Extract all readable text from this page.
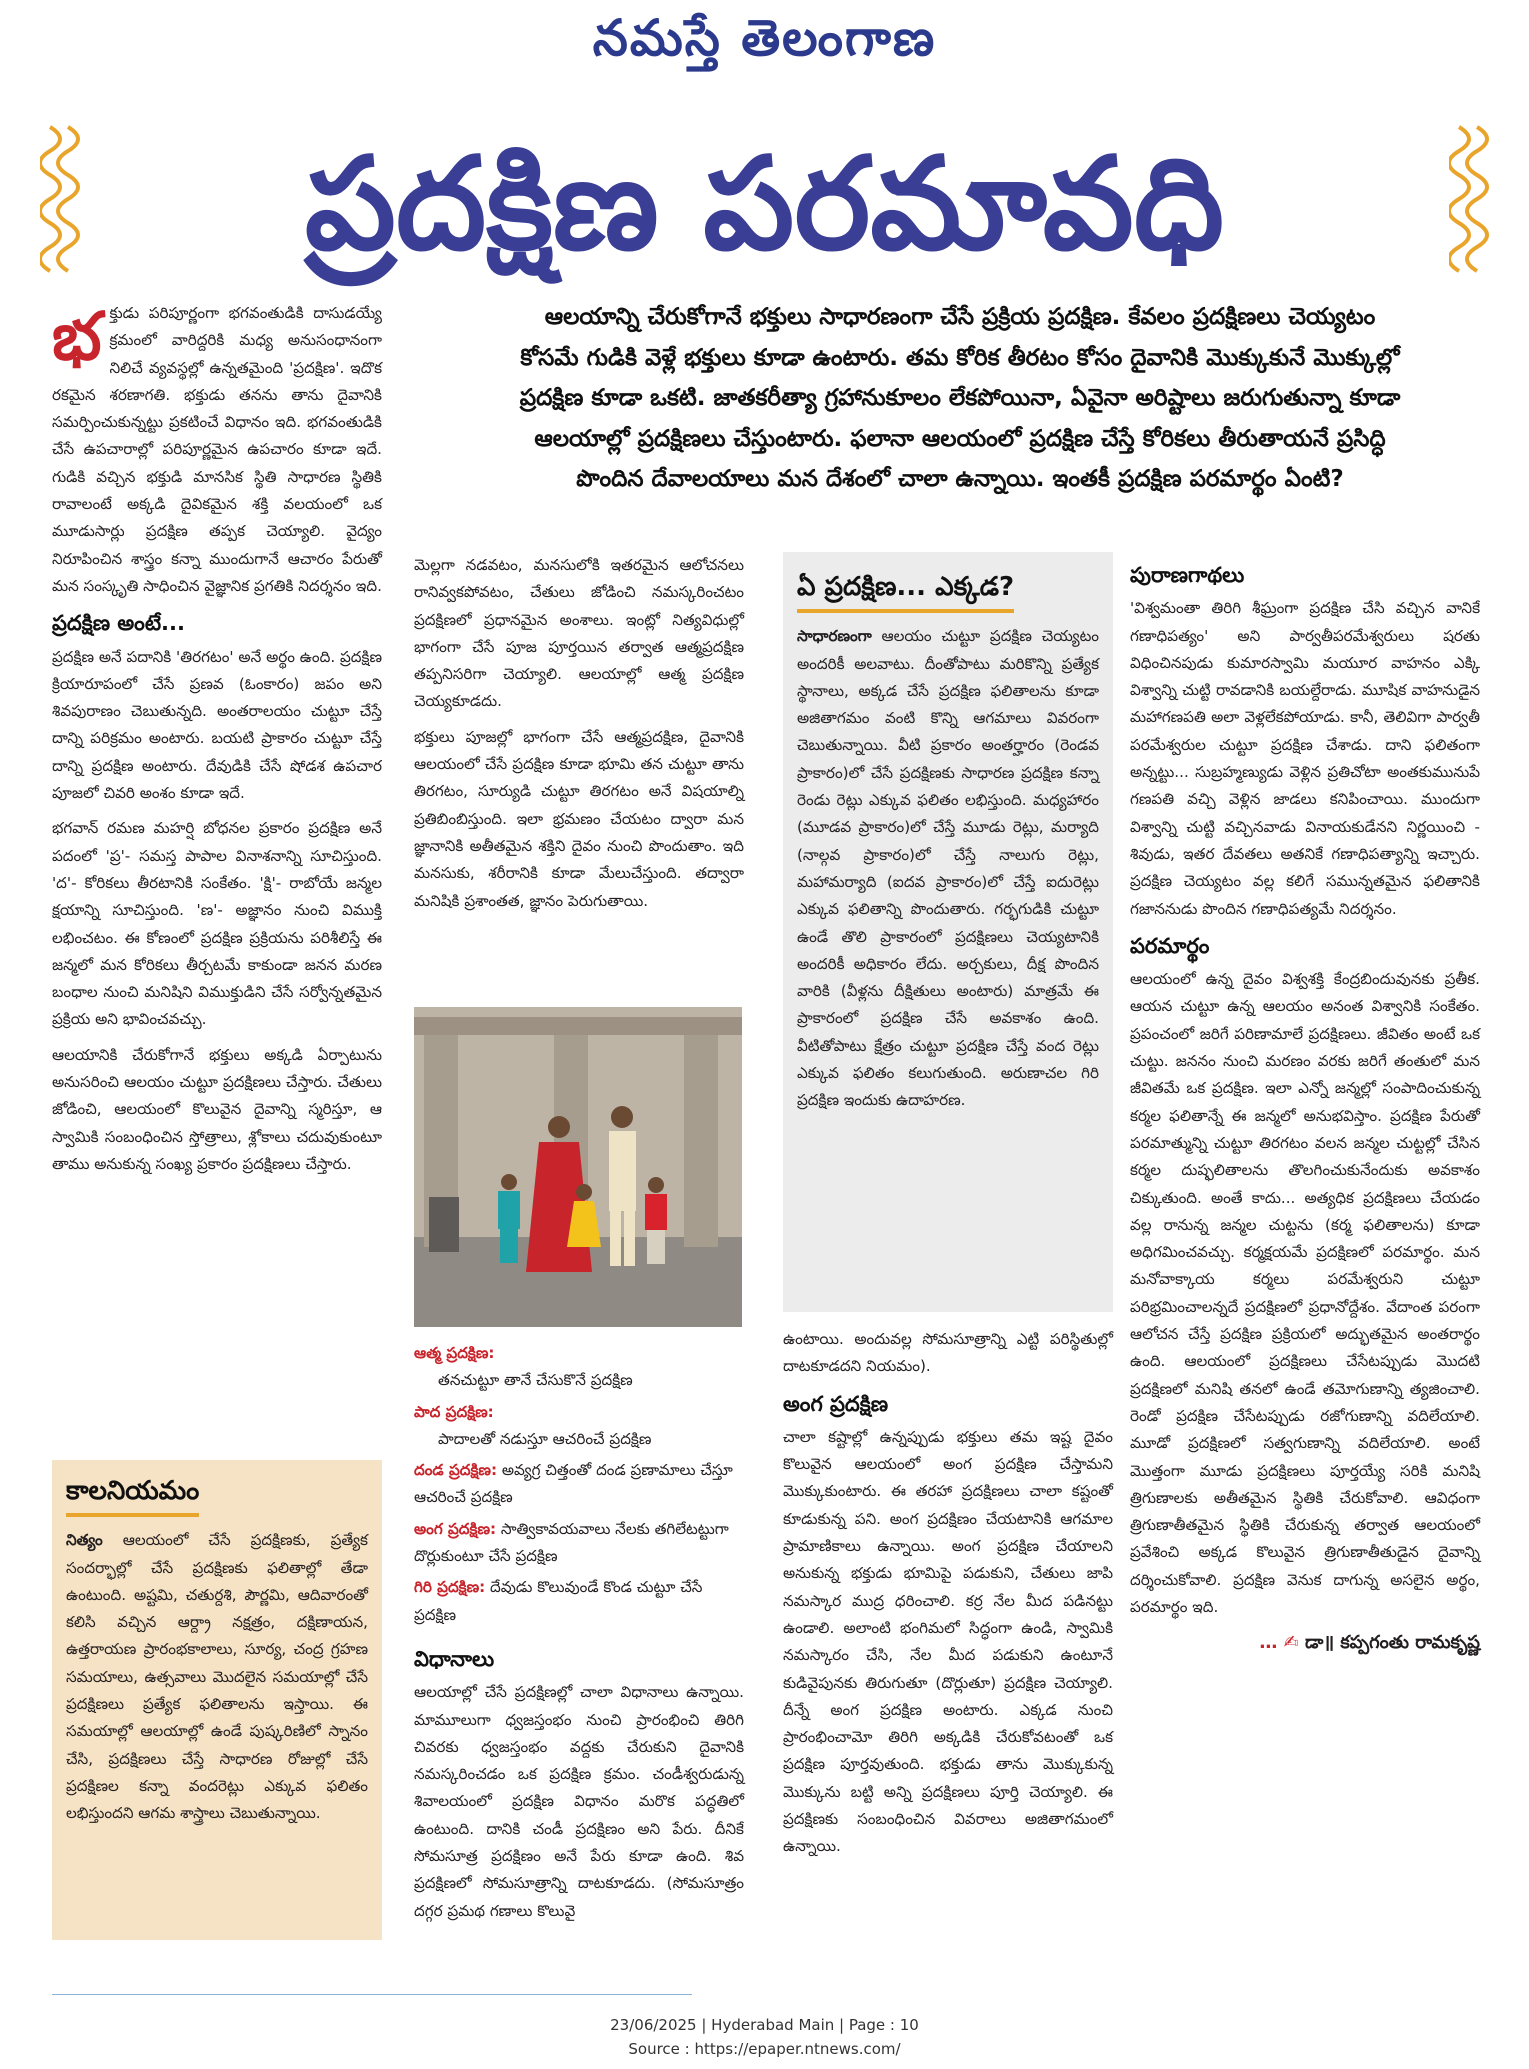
నమస్తే తెలంగాణ
ప్రదక్షిణ పరమావధి

ఆలయాన్ని చేరుకోగానే భక్తులు సాధారణంగా చేసే ప్రక్రియ ప్రదక్షిణ. కేవలం ప్రదక్షిణలు చెయ్యటం

కోసమే గుడికి వెళ్లే భక్తులు కూడా ఉంటారు. తమ కోరిక తీరటం కోసం దైవానికి మొక్కుకునే మొక్కుల్లో

ప్రదక్షిణ కూడా ఒకటి. జాతకరీత్యా గ్రహానుకూలం లేకపోయినా, ఏవైనా అరిష్టాలు జరుగుతున్నా కూడా

ఆలయాల్లో ప్రదక్షిణలు చేస్తుంటారు. ఫలానా ఆలయంలో ప్రదక్షిణ చేస్తే కోరికలు తీరుతాయనే ప్రసిద్ధి

పొందిన దేవాలయాలు మన దేశంలో చాలా ఉన్నాయి. ఇంతకీ ప్రదక్షిణ పరమార్థం ఏంటి?

భక్తుడు పరిపూర్ణంగా భగవంతుడికి దాసుడయ్యే క్రమంలో వారిద్దరికి మధ్య అనుసంధానంగా నిలిచే వ్యవస్థల్లో ఉన్నతమైంది 'ప్రదక్షిణ'. ఇదొక రకమైన శరణాగతి. భక్తుడు తనను తాను దైవానికి సమర్పించుకున్నట్టు ప్రకటించే విధానం ఇది. భగవంతుడికి చేసే ఉపచారాల్లో పరిపూర్ణమైన ఉపచారం కూడా ఇదే. గుడికి వచ్చిన భక్తుడి మానసిక స్థితి సాధారణ స్థితికి రావాలంటే అక్కడి దైవికమైన శక్తి వలయంలో ఒక మూడుసార్లు ప్రదక్షిణ తప్పక చెయ్యాలి. వైద్యం నిరూపించిన శాస్త్రం కన్నా ముందుగానే ఆచారం పేరుతో మన సంస్కృతి సాధించిన వైజ్ఞానిక ప్రగతికి నిదర్శనం ఇది.

ప్రదక్షిణ అంటే...

ప్రదక్షిణ అనే పదానికి 'తిరగటం' అనే అర్థం ఉంది. ప్రదక్షిణ క్రియారూపంలో చేసే ప్రణవ (ఓంకారం) జపం అని శివపురాణం చెబుతున్నది. అంతరాలయం చుట్టూ చేస్తే దాన్ని పరిక్రమం అంటారు. బయటి ప్రాకారం చుట్టూ చేస్తే దాన్ని ప్రదక్షిణ అంటారు. దేవుడికి చేసే షోడశ ఉపచార పూజలో చివరి అంశం కూడా ఇదే.

భగవాన్ రమణ మహర్షి బోధనల ప్రకారం ప్రదక్షిణ అనే పదంలో 'ప్ర'- సమస్త పాపాల వినాశనాన్ని సూచిస్తుంది. 'ద'- కోరికలు తీరటానికి సంకేతం. 'క్షి'- రాబోయే జన్మల క్షయాన్ని సూచిస్తుంది. 'ణ'- అజ్ఞానం నుంచి విముక్తి లభించటం. ఈ కోణంలో ప్రదక్షిణ ప్రక్రియను పరిశీలిస్తే ఈ జన్మలో మన కోరికలు తీర్చటమే కాకుండా జనన మరణ బంధాల నుంచి మనిషిని విముక్తుడిని చేసే సర్వోన్నతమైన ప్రక్రియ అని భావించవచ్చు.

ఆలయానికి చేరుకోగానే భక్తులు అక్కడి ఏర్పాటును అనుసరించి ఆలయం చుట్టూ ప్రదక్షిణలు చేస్తారు. చేతులు జోడించి, ఆలయంలో కొలువైన దైవాన్ని స్మరిస్తూ, ఆ స్వామికి సంబంధించిన స్తోత్రాలు, శ్లోకాలు చదువుకుంటూ తాము అనుకున్న సంఖ్య ప్రకారం ప్రదక్షిణలు చేస్తారు.

కాలనియమం

నిత్యం ఆలయంలో చేసే ప్రదక్షిణకు, ప్రత్యేక సందర్భాల్లో చేసే ప్రదక్షిణకు ఫలితాల్లో తేడా ఉంటుంది. అష్టమి, చతుర్దశి, పౌర్ణమి, ఆదివారంతో కలిసి వచ్చిన ఆర్ద్రా నక్షత్రం, దక్షిణాయన, ఉత్తరాయణ ప్రారంభకాలాలు, సూర్య, చంద్ర గ్రహణ సమయాలు, ఉత్సవాలు మొదలైన సమయాల్లో చేసే ప్రదక్షిణలు ప్రత్యేక ఫలితాలను ఇస్తాయి. ఈ సమయాల్లో ఆలయాల్లో ఉండే పుష్కరిణిలో స్నానం చేసి, ప్రదక్షిణలు చేస్తే సాధారణ రోజుల్లో చేసే ప్రదక్షిణల కన్నా వందరెట్లు ఎక్కువ ఫలితం లభిస్తుందని ఆగమ శాస్త్రాలు చెబుతున్నాయి.

మెల్లగా నడవటం, మనసులోకి ఇతరమైన ఆలోచనలు రానివ్వకపోవటం, చేతులు జోడించి నమస్కరించటం ప్రదక్షిణలో ప్రధానమైన అంశాలు. ఇంట్లో నిత్యవిధుల్లో భాగంగా చేసే పూజ పూర్తయిన తర్వాత ఆత్మప్రదక్షిణ తప్పనిసరిగా చెయ్యాలి. ఆలయాల్లో ఆత్మ ప్రదక్షిణ చెయ్యకూడదు.

భక్తులు పూజల్లో భాగంగా చేసే ఆత్మప్రదక్షిణ, దైవానికి ఆలయంలో చేసే ప్రదక్షిణ కూడా భూమి తన చుట్టూ తాను తిరగటం, సూర్యుడి చుట్టూ తిరగటం అనే విషయాల్ని ప్రతిబింబిస్తుంది. ఇలా భ్రమణం చేయటం ద్వారా మన జ్ఞానానికి అతీతమైన శక్తిని దైవం నుంచి పొందుతాం. ఇది మనసుకు, శరీరానికి కూడా మేలుచేస్తుంది. తద్వారా మనిషికి ప్రశాంతత, జ్ఞానం పెరుగుతాయి.

ఆత్మ ప్రదక్షిణ:
తనచుట్టూ తానే చేసుకొనే ప్రదక్షిణ
పాద ప్రదక్షిణ:
పాదాలతో నడుస్తూ ఆచరించే ప్రదక్షిణ
దండ ప్రదక్షిణ: అవ్యగ్ర చిత్తంతో దండ ప్రణామాలు చేస్తూ ఆచరించే ప్రదక్షిణ
అంగ ప్రదక్షిణ: సాత్వికావయవాలు నేలకు తగిలేటట్టుగా దొర్లుకుంటూ చేసే ప్రదక్షిణ
గిరి ప్రదక్షిణ: దేవుడు కొలువుండే కొండ చుట్టూ చేసే ప్రదక్షిణ
విధానాలు

ఆలయాల్లో చేసే ప్రదక్షిణల్లో చాలా విధానాలు ఉన్నాయి. మామూలుగా ధ్వజస్తంభం నుంచి ప్రారంభించి తిరిగి చివరకు ధ్వజస్తంభం వద్దకు చేరుకుని దైవానికి నమస్కరించడం ఒక ప్రదక్షిణ క్రమం. చండీశ్వరుడున్న శివాలయంలో ప్రదక్షిణ విధానం మరొక పద్ధతిలో ఉంటుంది. దానికి చండీ ప్రదక్షిణం అని పేరు. దీనికే సోమసూత్ర ప్రదక్షిణం అనే పేరు కూడా ఉంది. శివ ప్రదక్షిణలో సోమసూత్రాన్ని దాటకూడదు. (సోమసూత్రం దగ్గర ప్రమథ గణాలు కొలువై

ఏ ప్రదక్షిణ... ఎక్కడ?

సాధారణంగా ఆలయం చుట్టూ ప్రదక్షిణ చెయ్యటం అందరికీ అలవాటు. దీంతోపాటు మరికొన్ని ప్రత్యేక స్థానాలు, అక్కడ చేసే ప్రదక్షిణ ఫలితాలను కూడా అజితాగమం వంటి కొన్ని ఆగమాలు వివరంగా చెబుతున్నాయి. వీటి ప్రకారం అంతర్హారం (రెండవ ప్రాకారం)లో చేసే ప్రదక్షిణకు సాధారణ ప్రదక్షిణ కన్నా రెండు రెట్లు ఎక్కువ ఫలితం లభిస్తుంది. మధ్యహారం (మూడవ ప్రాకారం)లో చేస్తే మూడు రెట్లు, మర్యాది (నాల్గవ ప్రాకారం)లో చేస్తే నాలుగు రెట్లు, మహామర్యాది (ఐదవ ప్రాకారం)లో చేస్తే ఐదురెట్లు ఎక్కువ ఫలితాన్ని పొందుతారు. గర్భగుడికి చుట్టూ ఉండే తొలి ప్రాకారంలో ప్రదక్షిణలు చెయ్యటానికి అందరికీ అధికారం లేదు. అర్చకులు, దీక్ష పొందిన వారికి (వీళ్లను దీక్షితులు అంటారు) మాత్రమే ఈ ప్రాకారంలో ప్రదక్షిణ చేసే అవకాశం ఉంది. వీటితోపాటు క్షేత్రం చుట్టూ ప్రదక్షిణ చేస్తే వంద రెట్లు ఎక్కువ ఫలితం కలుగుతుంది. అరుణాచల గిరి ప్రదక్షిణ ఇందుకు ఉదాహరణ.

ఉంటాయి. అందువల్ల సోమసూత్రాన్ని ఎట్టి పరిస్థితుల్లో దాటకూడదని నియమం).

అంగ ప్రదక్షిణ

చాలా కష్టాల్లో ఉన్నప్పుడు భక్తులు తమ ఇష్ట దైవం కొలువైన ఆలయంలో అంగ ప్రదక్షిణ చేస్తామని మొక్కుకుంటారు. ఈ తరహా ప్రదక్షిణలు చాలా కష్టంతో కూడుకున్న పని. అంగ ప్రదక్షిణం చేయటానికి ఆగమాల ప్రామాణికాలు ఉన్నాయి. అంగ ప్రదక్షిణ చేయాలని అనుకున్న భక్తుడు భూమిపై పడుకుని, చేతులు జాపి నమస్కార ముద్ర ధరించాలి. కర్ర నేల మీద పడినట్టు ఉండాలి. అలాంటి భంగిమలో సిద్ధంగా ఉండి, స్వామికి నమస్కారం చేసి, నేల మీద పడుకుని ఉంటూనే కుడివైపునకు తిరుగుతూ (దొర్లుతూ) ప్రదక్షిణ చెయ్యాలి. దీన్నే అంగ ప్రదక్షిణ అంటారు. ఎక్కడ నుంచి ప్రారంభించామో తిరిగి అక్కడికి చేరుకోవటంతో ఒక ప్రదక్షిణ పూర్తవుతుంది. భక్తుడు తాను మొక్కుకున్న మొక్కును బట్టి అన్ని ప్రదక్షిణలు పూర్తి చెయ్యాలి. ఈ ప్రదక్షిణకు సంబంధించిన వివరాలు అజితాగమంలో ఉన్నాయి.

పురాణగాథలు

'విశ్వమంతా తిరిగి శీఘ్రంగా ప్రదక్షిణ చేసి వచ్చిన వానికే గణాధిపత్యం' అని పార్వతీపరమేశ్వరులు షరతు విధించినపుడు కుమారస్వామి మయూర వాహనం ఎక్కి విశ్వాన్ని చుట్టి రావడానికి బయల్దేరాడు. మూషిక వాహనుడైన మహాగణపతి అలా వెళ్లలేకపోయాడు. కానీ, తెలివిగా పార్వతీ పరమేశ్వరుల చుట్టూ ప్రదక్షిణ చేశాడు. దాని ఫలితంగా అన్నట్టు... సుబ్రహ్మణ్యుడు వెళ్లిన ప్రతిచోటా అంతకుమునుపే గణపతి వచ్చి వెళ్లిన జాడలు కనిపించాయి. ముందుగా విశ్వాన్ని చుట్టి వచ్చినవాడు వినాయకుడేనని నిర్ణయించి - శివుడు, ఇతర దేవతలు అతనికే గణాధిపత్యాన్ని ఇచ్చారు. ప్రదక్షిణ చెయ్యటం వల్ల కలిగే సమున్నతమైన ఫలితానికి గజాననుడు పొందిన గణాధిపత్యమే నిదర్శనం.

పరమార్థం

ఆలయంలో ఉన్న దైవం విశ్వశక్తి కేంద్రబిందువునకు ప్రతీక. ఆయన చుట్టూ ఉన్న ఆలయం అనంత విశ్వానికి సంకేతం. ప్రపంచంలో జరిగే పరిణామాలే ప్రదక్షిణలు. జీవితం అంటే ఒక చుట్టు. జననం నుంచి మరణం వరకు జరిగే తంతులో మన జీవితమే ఒక ప్రదక్షిణ. ఇలా ఎన్నో జన్మల్లో సంపాదించుకున్న కర్మల ఫలితాన్నే ఈ జన్మలో అనుభవిస్తాం. ప్రదక్షిణ పేరుతో పరమాత్మున్ని చుట్టూ తిరగటం వలన జన్మల చుట్టల్లో చేసిన కర్మల దుష్ఫలితాలను తొలగించుకునేందుకు అవకాశం చిక్కుతుంది. అంతే కాదు... అత్యధిక ప్రదక్షిణలు చేయడం వల్ల రానున్న జన్మల చుట్టను (కర్మ ఫలితాలను) కూడా అధిగమించవచ్చు. కర్మక్షయమే ప్రదక్షిణలో పరమార్థం. మన మనోవాక్కాయ కర్మలు పరమేశ్వరుని చుట్టూ పరిభ్రమించాలన్నదే ప్రదక్షిణలో ప్రధానోద్దేశం. వేదాంత పరంగా ఆలోచన చేస్తే ప్రదక్షిణ ప్రక్రియలో అద్భుతమైన అంతరార్థం ఉంది. ఆలయంలో ప్రదక్షిణలు చేసేటప్పుడు మొదటి ప్రదక్షిణలో మనిషి తనలో ఉండే తమోగుణాన్ని త్యజించాలి. రెండో ప్రదక్షిణ చేసేటప్పుడు రజోగుణాన్ని వదిలేయాలి. మూడో ప్రదక్షిణలో సత్వగుణాన్ని వదిలేయాలి. అంటే మొత్తంగా మూడు ప్రదక్షిణలు పూర్తయ్యే సరికి మనిషి త్రిగుణాలకు అతీతమైన స్థితికి చేరుకోవాలి. ఆవిధంగా త్రిగుణాతీతమైన స్థితికి చేరుకున్న తర్వాత ఆలయంలో ప్రవేశించి అక్కడ కొలువైన త్రిగుణాతీతుడైన దైవాన్ని దర్శించుకోవాలి. ప్రదక్షిణ వెనుక దాగున్న అసలైన అర్థం, పరమార్థం ఇది.

… ✍ డా॥ కప్పగంతు రామకృష్ణ
23/06/2025 | Hyderabad Main | Page : 10
Source : https://epaper.ntnews.com/
